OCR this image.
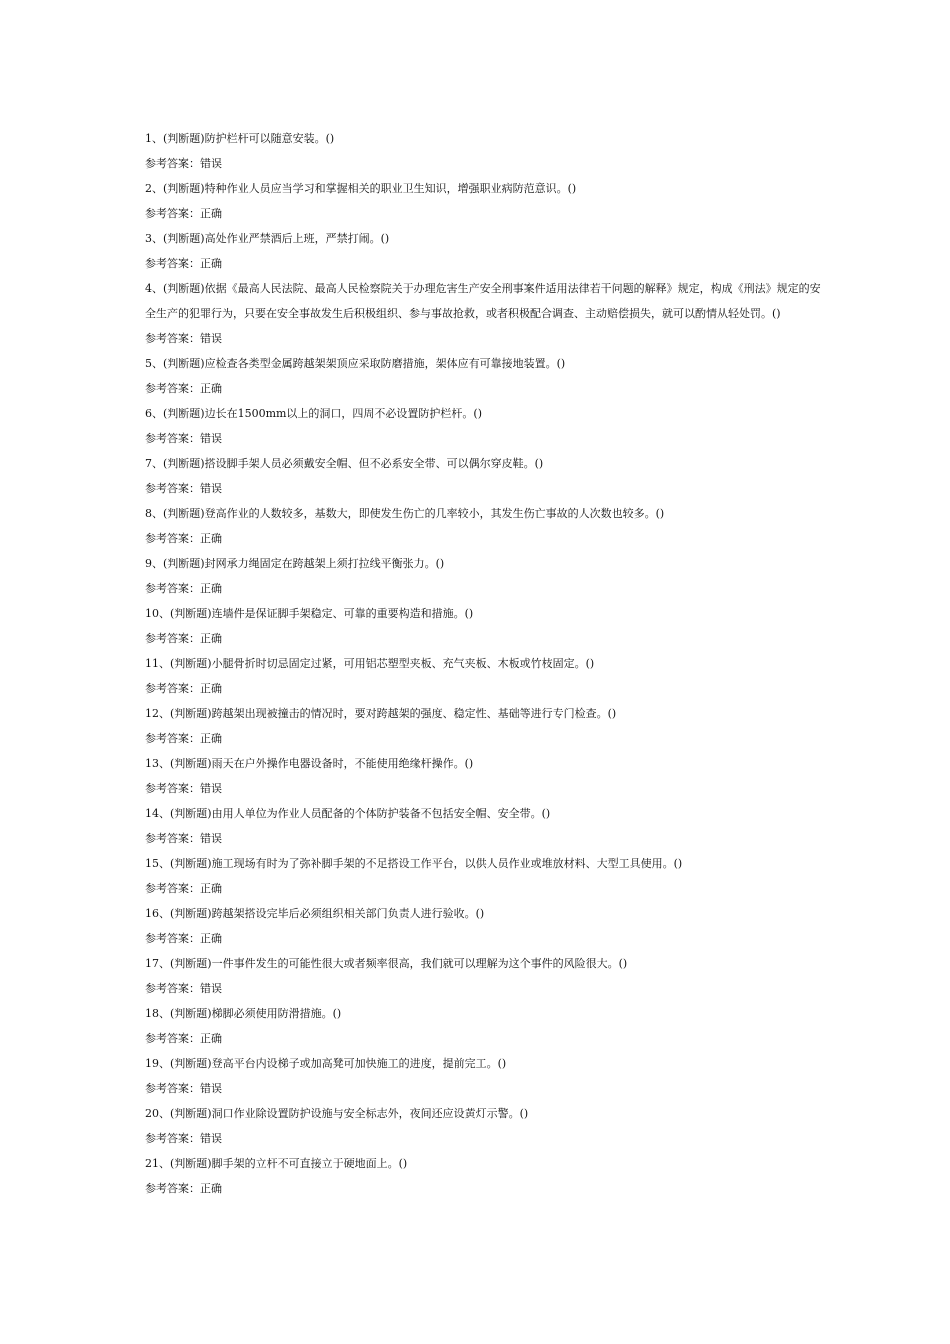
1、(判断题)防护栏杆可以随意安装。()
参考答案：错误
2、(判断题)特种作业人员应当学习和掌握相关的职业卫生知识，增强职业病防范意识。()
参考答案：正确
3、(判断题)高处作业严禁酒后上班，严禁打闹。()
参考答案：正确
4、(判断题)依据《最高人民法院、最高人民检察院关于办理危害生产安全刑事案件适用法律若干问题的解释》规定，构成《刑法》规定的安全生产的犯罪行为，只要在安全事故发生后积极组织、参与事故抢救，或者积极配合调查、主动赔偿损失，就可以酌情从轻处罚。()
参考答案：错误
5、(判断题)应检查各类型金属跨越架架顶应采取防磨措施，架体应有可靠接地装置。()
参考答案：正确
6、(判断题)边长在1500mm以上的洞口，四周不必设置防护栏杆。()
参考答案：错误
7、(判断题)搭设脚手架人员必须戴安全帽、但不必系安全带、可以偶尔穿皮鞋。()
参考答案：错误
8、(判断题)登高作业的人数较多，基数大，即使发生伤亡的几率较小，其发生伤亡事故的人次数也较多。()
参考答案：正确
9、(判断题)封网承力绳固定在跨越架上须打拉线平衡张力。()
参考答案：正确
10、(判断题)连墙件是保证脚手架稳定、可靠的重要构造和措施。()
参考答案：正确
11、(判断题)小腿骨折时切忌固定过紧，可用铝芯塑型夹板、充气夹板、木板或竹枝固定。()
参考答案：正确
12、(判断题)跨越架出现被撞击的情况时，要对跨越架的强度、稳定性、基础等进行专门检查。()
参考答案：正确
13、(判断题)雨天在户外操作电器设备时，不能使用绝缘杆操作。()
参考答案：错误
14、(判断题)由用人单位为作业人员配备的个体防护装备不包括安全帽、安全带。()
参考答案：错误
15、(判断题)施工现场有时为了弥补脚手架的不足搭设工作平台，以供人员作业或堆放材料、大型工具使用。()
参考答案：正确
16、(判断题)跨越架搭设完毕后必须组织相关部门负责人进行验收。()
参考答案：正确
17、(判断题)一件事件发生的可能性很大或者频率很高，我们就可以理解为这个事件的风险很大。()
参考答案：错误
18、(判断题)梯脚必须使用防滑措施。()
参考答案：正确
19、(判断题)登高平台内设梯子或加高凳可加快施工的进度，提前完工。()
参考答案：错误
20、(判断题)洞口作业除设置防护设施与安全标志外，夜间还应设黄灯示警。()
参考答案：错误
21、(判断题)脚手架的立杆不可直接立于硬地面上。()
参考答案：正确
